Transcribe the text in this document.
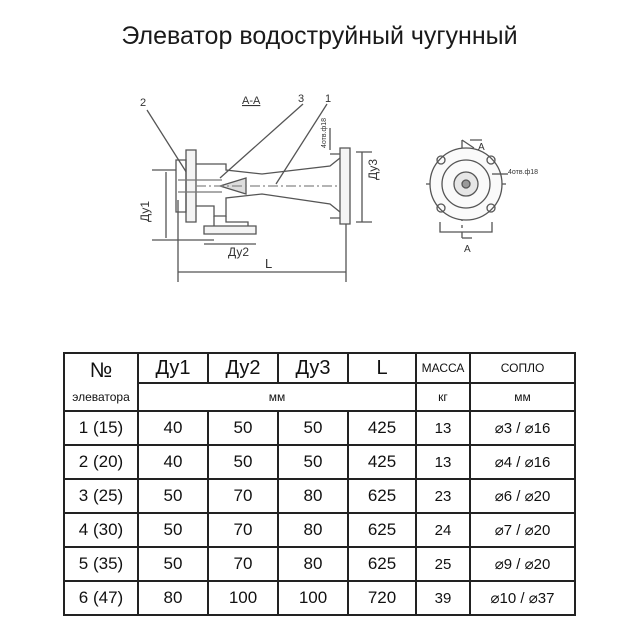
Элеватор водоструйный чугунный
2	3 1
А-А
Ду1
Ду2
Ду3
L
4отв.ф18
4отв.ф18
А
А
№	Ду1	Ду2	Ду3	L	МАССА	СОПЛО
элеватора	мм				кг	мм
1 (15)	40	50	50	425	13	⌀3 / ⌀16
2 (20)	40	50	50	425	13	⌀4 / ⌀16
3 (25)	50	70	80	625	23	⌀6 / ⌀20
4 (30)	50	70	80	625	24	⌀7 / ⌀20
5 (35)	50	70	80	625	25	⌀9 / ⌀20
6 (47)	80	100	100	720	39	⌀10 / ⌀37
